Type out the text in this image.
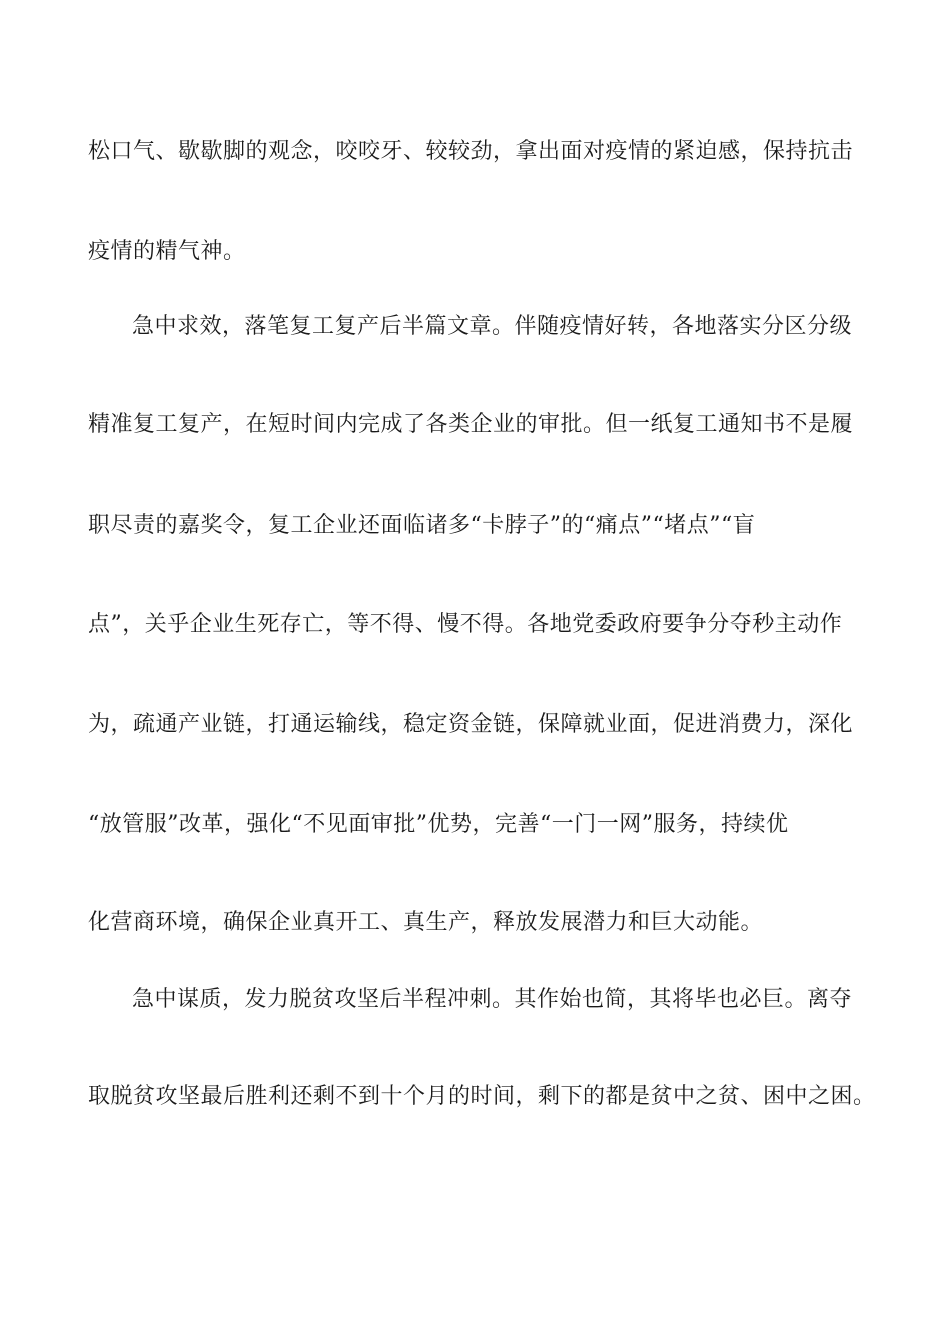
松口气、歇歇脚的观念，咬咬牙、较较劲，拿出面对疫情的紧迫感，保持抗击
疫情的精气神。
急中求效，落笔复工复产后半篇文章。伴随疫情好转，各地落实分区分级
精准复工复产，在短时间内完成了各类企业的审批。但一纸复工通知书不是履
职尽责的嘉奖令，复工企业还面临诸多“卡脖子”的“痛点”“堵点”“盲
点”，关乎企业生死存亡，等不得、慢不得。各地党委政府要争分夺秒主动作
为，疏通产业链，打通运输线，稳定资金链，保障就业面，促进消费力，深化
“放管服”改革，强化“不见面审批”优势，完善“一门一网”服务，持续优
化营商环境，确保企业真开工、真生产，释放发展潜力和巨大动能。
急中谋质，发力脱贫攻坚后半程冲刺。其作始也简，其将毕也必巨。离夺
取脱贫攻坚最后胜利还剩不到十个月的时间，剩下的都是贫中之贫、困中之困。
